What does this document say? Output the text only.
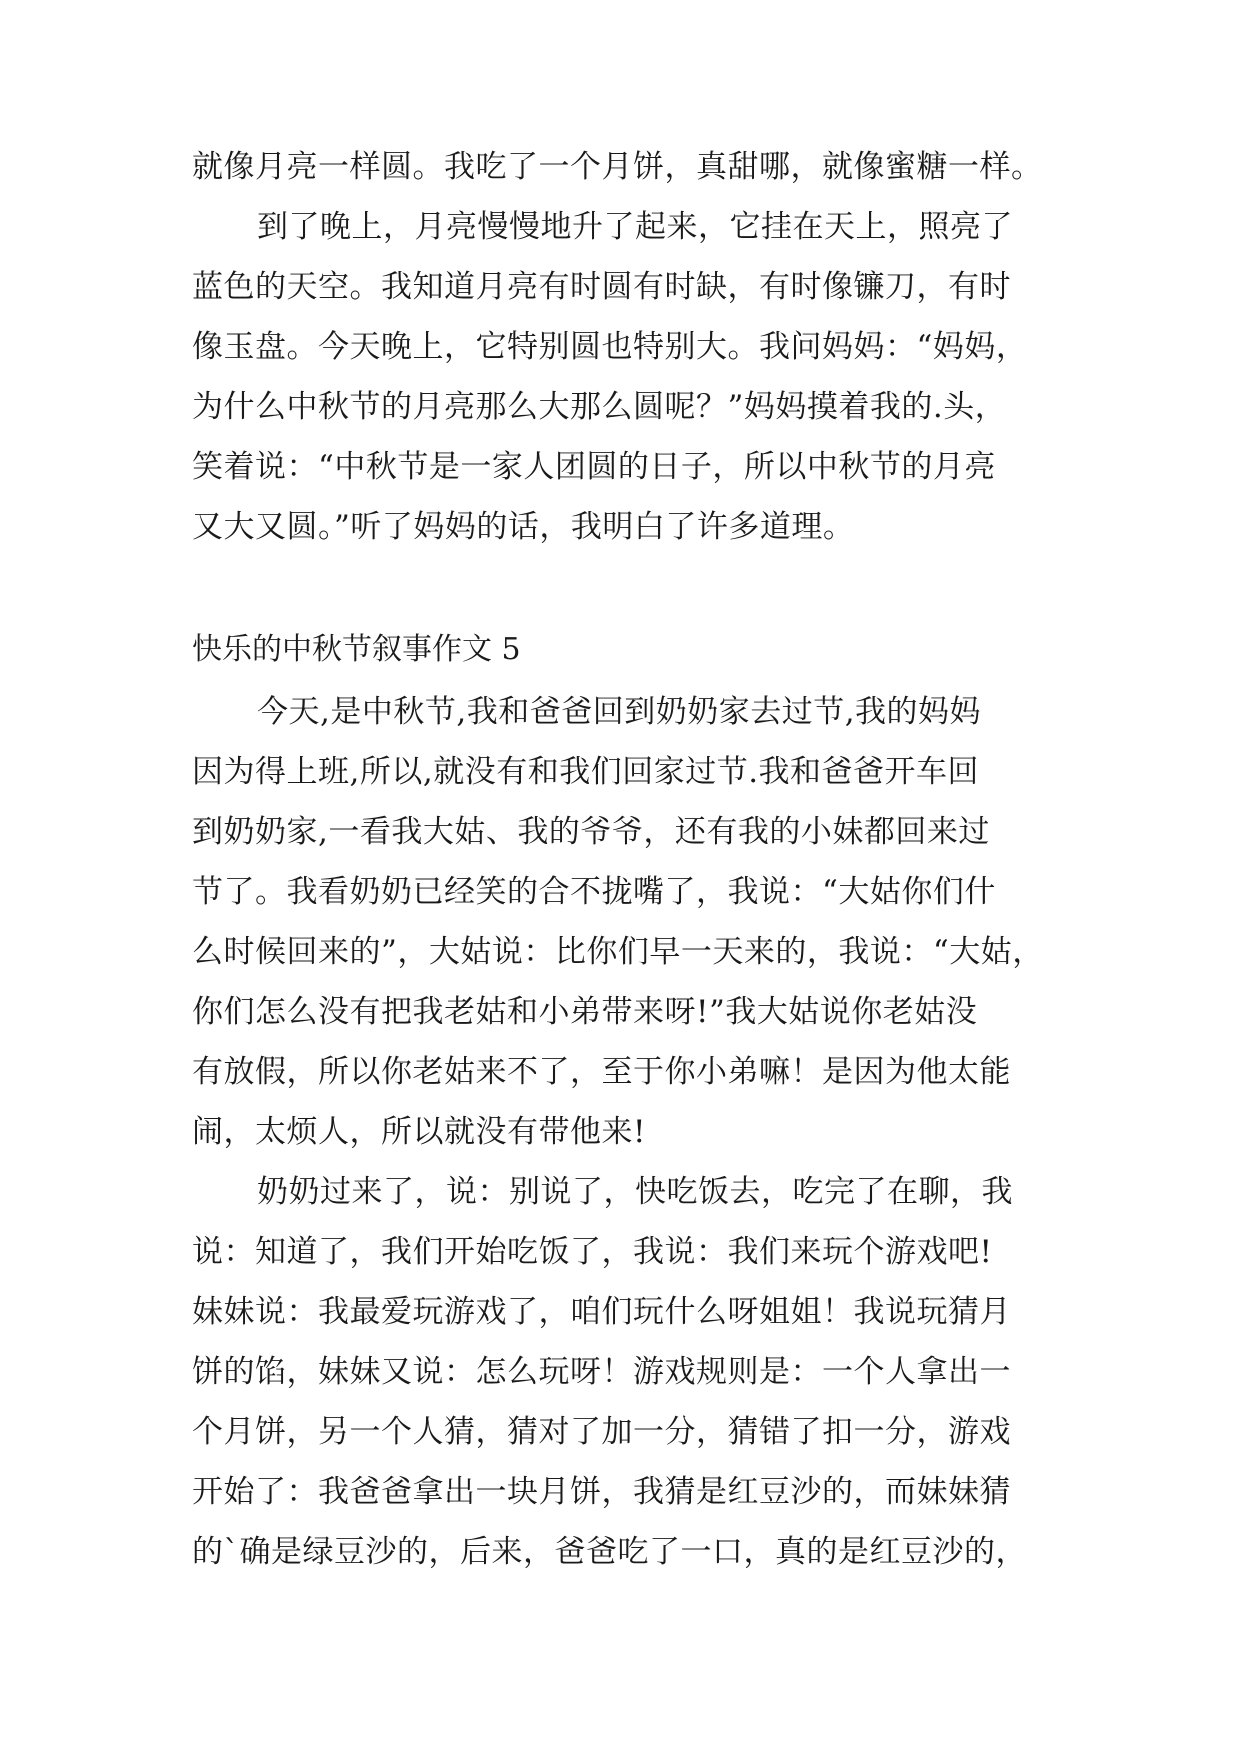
就像月亮一样圆。我吃了一个月饼，真甜哪，就像蜜糖一样。
到了晚上，月亮慢慢地升了起来，它挂在天上，照亮了
蓝色的天空。我知道月亮有时圆有时缺，有时像镰刀，有时
像玉盘。今天晚上，它特别圆也特别大。我问妈妈：“妈妈，
为什么中秋节的月亮那么大那么圆呢？”妈妈摸着我的.头，
笑着说：“中秋节是一家人团圆的日子，所以中秋节的月亮
又大又圆。”听了妈妈的话，我明白了许多道理。
快乐的中秋节叙事作文 5
今天,是中秋节,我和爸爸回到奶奶家去过节,我的妈妈
因为得上班,所以,就没有和我们回家过节.我和爸爸开车回
到奶奶家,一看我大姑、我的爷爷，还有我的小妹都回来过
节了。我看奶奶已经笑的合不拢嘴了，我说：“大姑你们什
么时候回来的”，大姑说：比你们早一天来的，我说：“大姑，
你们怎么没有把我老姑和小弟带来呀!”我大姑说你老姑没
有放假，所以你老姑来不了，至于你小弟嘛！是因为他太能
闹，太烦人，所以就没有带他来!
奶奶过来了，说：别说了，快吃饭去，吃完了在聊，我
说：知道了，我们开始吃饭了，我说：我们来玩个游戏吧!
妹妹说：我最爱玩游戏了，咱们玩什么呀姐姐！我说玩猜月
饼的馅，妹妹又说：怎么玩呀！游戏规则是：一个人拿出一
个月饼，另一个人猜，猜对了加一分，猜错了扣一分，游戏
开始了：我爸爸拿出一块月饼，我猜是红豆沙的，而妹妹猜
的`确是绿豆沙的，后来，爸爸吃了一口，真的是红豆沙的，
